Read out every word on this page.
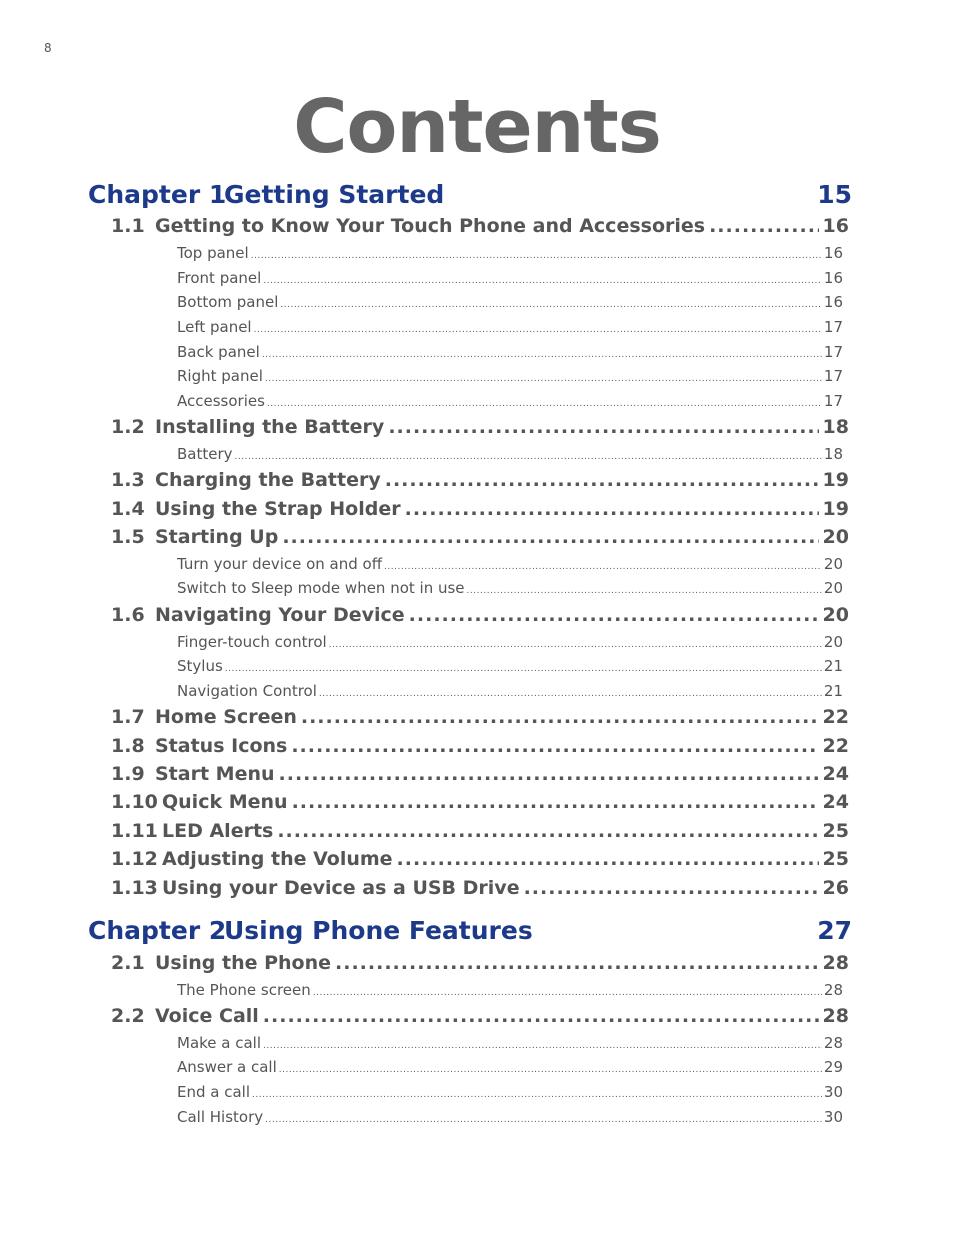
8
Contents
Chapter 1
Getting Started	15
1.1 Getting to Know Your Touch Phone and Accessories .....	16
Top panel .....	16
Front panel .....	16
Bottom panel .....	16
Left panel .....	17
Back panel .....	17
Right panel .....	17
Accessories .....	17
1.2 Installing the Battery .....	18
Battery .....	18
1.3 Charging the Battery .....	19
1.4 Using the Strap Holder .....	19
1.5 Starting Up .....	20
Turn your device on and off .....	20
Switch to Sleep mode when not in use .....	20
1.6 Navigating Your Device .....	20
Finger-touch control .....	20
Stylus .....	21
Navigation Control .....	21
1.7 Home Screen .....	22
1.8 Status Icons .....	22
1.9 Start Menu .....	24
1.10 Quick Menu .....	24
1.11 LED Alerts .....	25
1.12 Adjusting the Volume .....	25
1.13 Using your Device as a USB Drive .....	26
Chapter 2
Using Phone Features	27
2.1 Using the Phone .....	28
The Phone screen .....	28
2.2 Voice Call .....	28
Make a call .....	28
Answer a call .....	29
End a call .....	30
Call History .....	30
